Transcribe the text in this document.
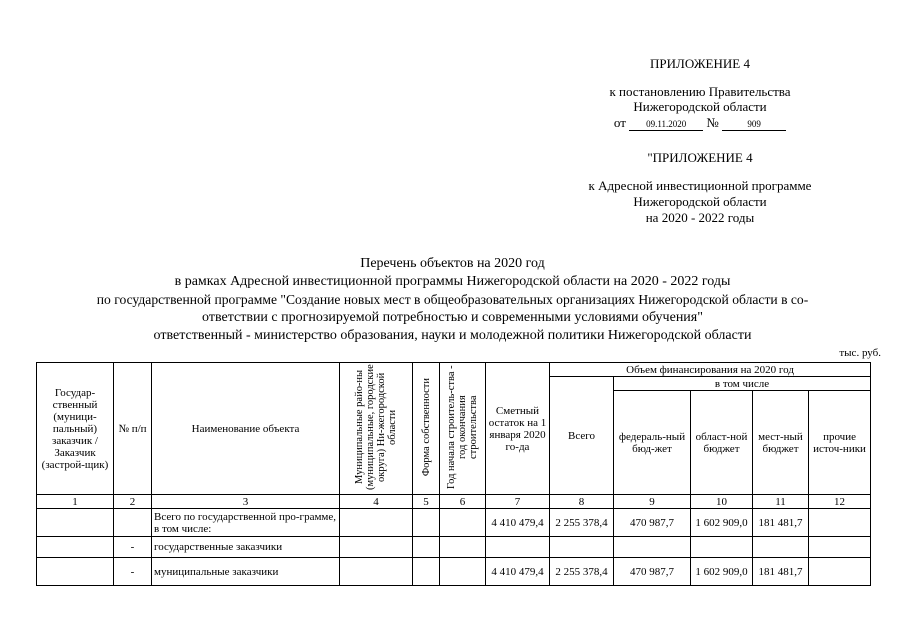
ПРИЛОЖЕНИЕ 4
к постановлению Правительства
Нижегородской области
от 09.11.2020 №	909
"ПРИЛОЖЕНИЕ 4
к Адресной инвестиционной программе
Нижегородской области
на 2020 - 2022 годы
Перечень объектов на 2020 год
в рамках Адресной инвестиционной программы Нижегородской области на 2020 - 2022 годы
по государственной программе "Создание новых мест в общеобразовательных организациях Нижегородской области в со-
ответствии с прогнозируемой потребностью и современными условиями обучения"
ответственный - министерство образования, науки и молодежной политики Нижегородской области
тыс. руб.
Государ-ственный (муници-пальный) заказчик / Заказчик (застрой-щик)	№ п/п	Наименование объекта	Муниципальные райо-ны (муниципальные, городские округа) Ни-жегородской области	Форма собственности	Год начала строитель-ства - год окончания строительства	Сметный остаток на 1 января 2020 го-да	Объем финансирования на 2020 год				
							Всего	в том числе			
								федераль-ный бюд-жет	област-ной бюджет	мест-ный бюджет	прочие источ-ники
1	2	3	4	5	6	7	8	9	10	11	12
		Всего по государственной про-грамме, в том числе:				4 410 479,4	2 255 378,4	470 987,7	1 602 909,0	181 481,7	
	-	государственные заказчики									
	-	муниципальные заказчики				4 410 479,4	2 255 378,4	470 987,7	1 602 909,0	181 481,7	
